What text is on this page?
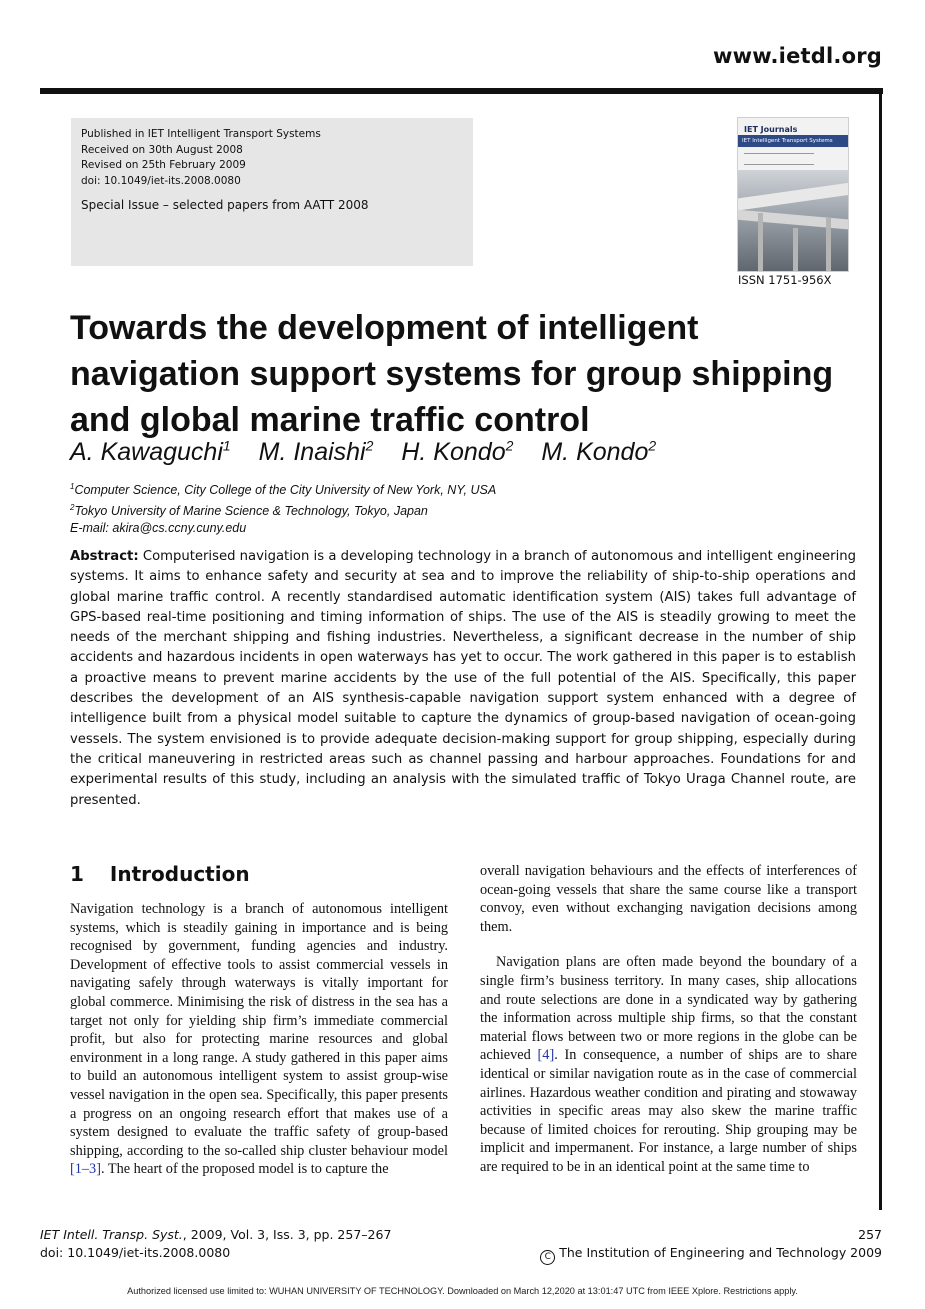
www.ietdl.org
Published in IET Intelligent Transport Systems
Received on 30th August 2008
Revised on 25th February 2009
doi: 10.1049/iet-its.2008.0080
Special Issue – selected papers from AATT 2008
IET Journals
IET Intelligent Transport Systems
ISSN 1751-956X
Towards the development of intelligent navigation support systems for group shipping and global marine traffic control
A. Kawaguchi$^1$ M. Inaishi$^2$ H. Kondo$^2$ M. Kondo$^2$
$^1$Computer Science, City College of the City University of New York, NY, USA
$^2$Tokyo University of Marine Science & Technology, Tokyo, Japan
E-mail: akira@cs.ccny.cuny.edu

Abstract: Computerised navigation is a developing technology in a branch of autonomous and intelligent engineering systems. It aims to enhance safety and security at sea and to improve the reliability of ship-to-ship operations and global marine traffic control. A recently standardised automatic identification system (AIS) takes full advantage of GPS-based real-time positioning and timing information of ships. The use of the AIS is steadily growing to meet the needs of the merchant shipping and fishing industries. Nevertheless, a significant decrease in the number of ship accidents and hazardous incidents in open waterways has yet to occur. The work gathered in this paper is to establish a proactive means to prevent marine accidents by the use of the full potential of the AIS. Specifically, this paper describes the development of an AIS synthesis-capable navigation support system enhanced with a degree of intelligence built from a physical model suitable to capture the dynamics of group-based navigation of ocean-going vessels. The system envisioned is to provide adequate decision-making support for group shipping, especially during the critical maneuvering in restricted areas such as channel passing and harbour approaches. Foundations for and experimental results of this study, including an analysis with the simulated traffic of Tokyo Uraga Channel route, are presented.

1 Introduction

Navigation technology is a branch of autonomous intelligent systems, which is steadily gaining in importance and is being recognised by government, funding agencies and industry. Development of effective tools to assist commercial vessels in navigating safely through waterways is vitally important for global commerce. Minimising the risk of distress in the sea has a target not only for yielding ship firm’s immediate commercial profit, but also for protecting marine resources and global environment in a long range. A study gathered in this paper aims to build an autonomous intelligent system to assist group-wise vessel navigation in the open sea. Specifically, this paper presents a progress on an ongoing research effort that makes use of a system designed to evaluate the traffic safety of group-based shipping, according to the so-called ship cluster behaviour model [1–3]. The heart of the proposed model is to capture the

overall navigation behaviours and the effects of interferences of ocean-going vessels that share the same course like a transport convoy, even without exchanging navigation decisions among them.

Navigation plans are often made beyond the boundary of a single firm’s business territory. In many cases, ship allocations and route selections are done in a syndicated way by gathering the information across multiple ship firms, so that the constant material flows between two or more regions in the globe can be achieved [4]. In consequence, a number of ships are to share identical or similar navigation route as in the case of commercial airlines. Hazardous weather condition and pirating and stowaway activities in specific areas may also skew the marine traffic because of limited choices for rerouting. Ship grouping may be implicit and impermanent. For instance, a large number of ships are required to be in an identical point at the same time to

IET Intell. Transp. Syst., 2009, Vol. 3, Iss. 3, pp. 257–267
doi: 10.1049/iet-its.2008.0080
257
C The Institution of Engineering and Technology 2009
Authorized licensed use limited to: WUHAN UNIVERSITY OF TECHNOLOGY. Downloaded on March 12,2020 at 13:01:47 UTC from IEEE Xplore. Restrictions apply.
